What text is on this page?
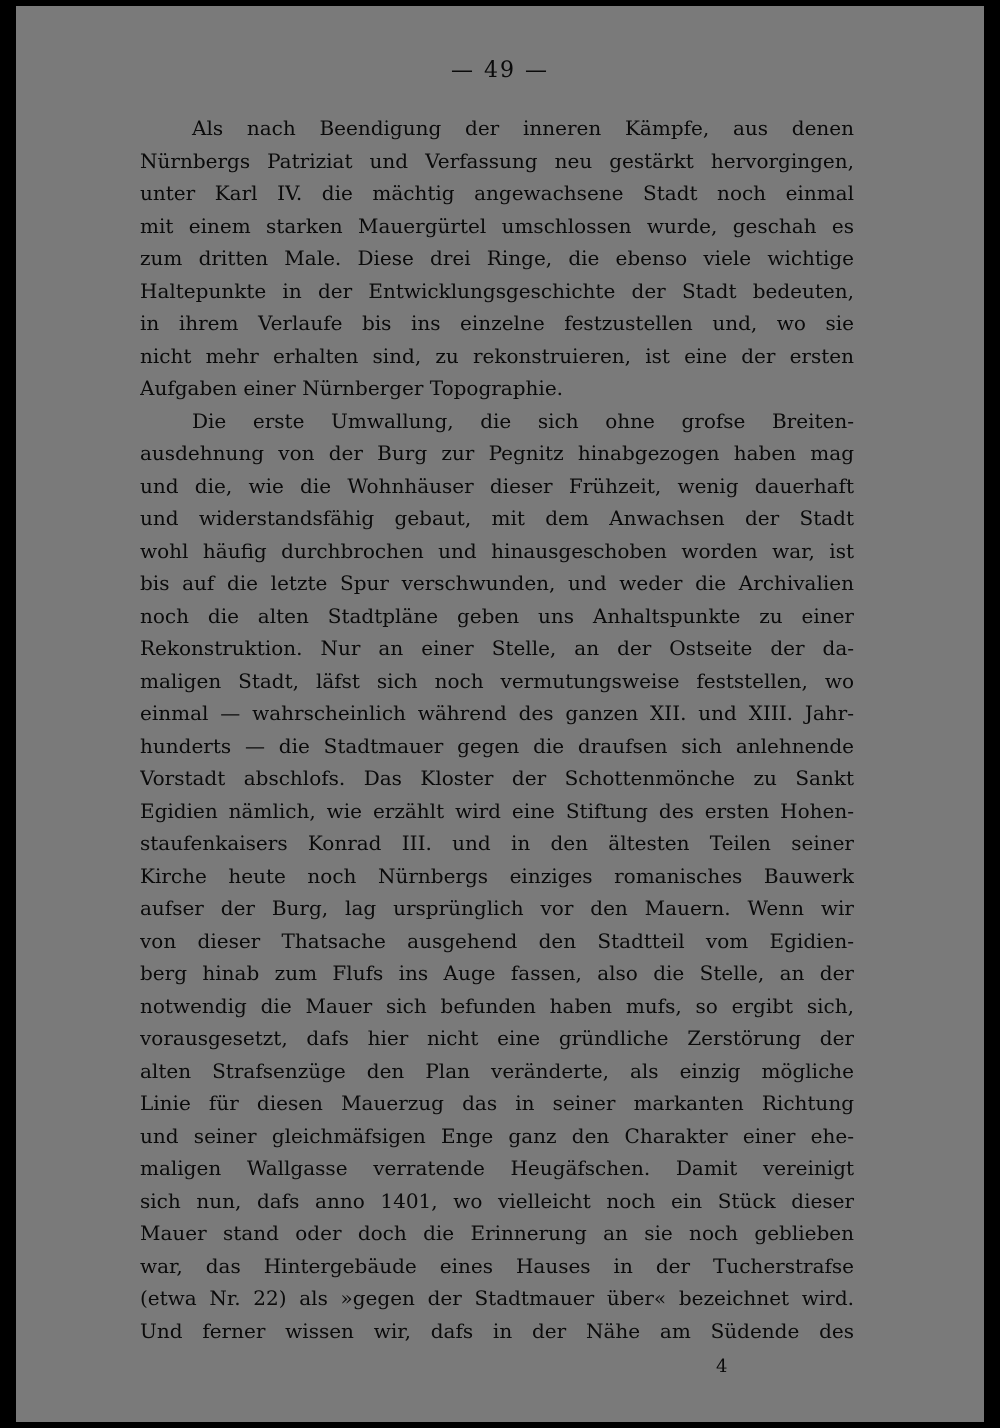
— 49 —
Als nach Beendigung der inneren Kämpfe, aus denen
Nürnbergs Patriziat und Verfassung neu gestärkt hervorgingen,
unter Karl IV. die mächtig angewachsene Stadt noch einmal
mit einem starken Mauergürtel umschlossen wurde, geschah es
zum dritten Male. Diese drei Ringe, die ebenso viele wichtige
Haltepunkte in der Entwicklungsgeschichte der Stadt bedeuten,
in ihrem Verlaufe bis ins einzelne festzustellen und, wo sie
nicht mehr erhalten sind, zu rekonstruieren, ist eine der ersten
Aufgaben einer Nürnberger Topographie.
Die erste Umwallung, die sich ohne grofse Breiten-
ausdehnung von der Burg zur Pegnitz hinabgezogen haben mag
und die, wie die Wohnhäuser dieser Frühzeit, wenig dauerhaft
und widerstandsfähig gebaut, mit dem Anwachsen der Stadt
wohl häufig durchbrochen und hinausgeschoben worden war, ist
bis auf die letzte Spur verschwunden, und weder die Archivalien
noch die alten Stadtpläne geben uns Anhaltspunkte zu einer
Rekonstruktion. Nur an einer Stelle, an der Ostseite der da-
maligen Stadt, läfst sich noch vermutungsweise feststellen, wo
einmal — wahrscheinlich während des ganzen XII. und XIII. Jahr-
hunderts — die Stadtmauer gegen die draufsen sich anlehnende
Vorstadt abschlofs. Das Kloster der Schottenmönche zu Sankt
Egidien nämlich, wie erzählt wird eine Stiftung des ersten Hohen-
staufenkaisers Konrad III. und in den ältesten Teilen seiner
Kirche heute noch Nürnbergs einziges romanisches Bauwerk
aufser der Burg, lag ursprünglich vor den Mauern. Wenn wir
von dieser Thatsache ausgehend den Stadtteil vom Egidien-
berg hinab zum Flufs ins Auge fassen, also die Stelle, an der
notwendig die Mauer sich befunden haben mufs, so ergibt sich,
vorausgesetzt, dafs hier nicht eine gründliche Zerstörung der
alten Strafsenzüge den Plan veränderte, als einzig mögliche
Linie für diesen Mauerzug das in seiner markanten Richtung
und seiner gleichmäfsigen Enge ganz den Charakter einer ehe-
maligen Wallgasse verratende Heugäfschen. Damit vereinigt
sich nun, dafs anno 1401, wo vielleicht noch ein Stück dieser
Mauer stand oder doch die Erinnerung an sie noch geblieben
war, das Hintergebäude eines Hauses in der Tucherstrafse
(etwa Nr. 22) als »gegen der Stadtmauer über« bezeichnet wird.
Und ferner wissen wir, dafs in der Nähe am Südende des
4
